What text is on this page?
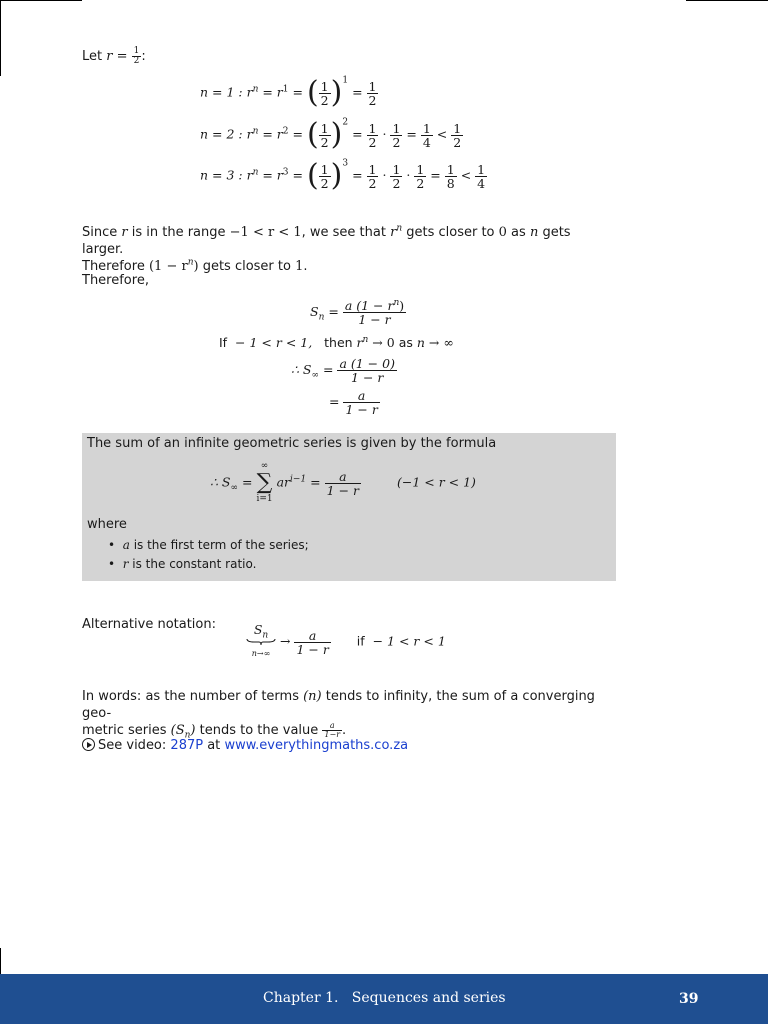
Let $r = \frac{1}{2}$ :

n = 1 : $r^n = r^1$ = ( $\frac{1}{2} )^1 = \frac{1}{2}$
n = 2 : $r^n = r^2$ = ( $\frac{1}{2} )^2 = \frac{1}{2} \cdot \frac{1}{2} = \frac{1}{4} < \frac{1}{2}$
n = 3 : $r^n = r^3$ = ( $\frac{1}{2} )^3 = \frac{1}{2} \cdot \frac{1}{2} \cdot \frac{1}{2} = \frac{1}{8} < \frac{1}{4}$

Since r is in the range −1 < r < 1, we see that $r^n$ gets closer to 0 as n gets larger.
Therefore $(1 - r^n)$ gets closer to 1.

Therefore,

$S_n = \frac{a (1 - r^n)}{1 - r}$
If − 1 < r < 1, then $r^n \to 0$ as n → ∞
∴ $S_\infty = \frac{a (1 - 0)}{1 - r}$
= $\frac{a}{1 - r}$

The sum of an infinite geometric series is given by the formula

∴ $S_\infty$ =
∞
∑
i=1
$ar^{i-1} = \frac{a}{1 - r}$	(−1 < r < 1)

where

•  a is the first term of the series;
•  r is the constant ratio.

Alternative notation:	$S_n$
n→∞
→ $\frac{a}{1 - r}$ if − 1 < r < 1

In words: as the number of terms (n) tends to infinity, the sum of a converging geo-
metric series $(S_n)$ tends to the value $\frac{a}{1-r}$ .

See video: 287P at www.everythingmaths.co.za

Chapter 1.   Sequences and series	39
